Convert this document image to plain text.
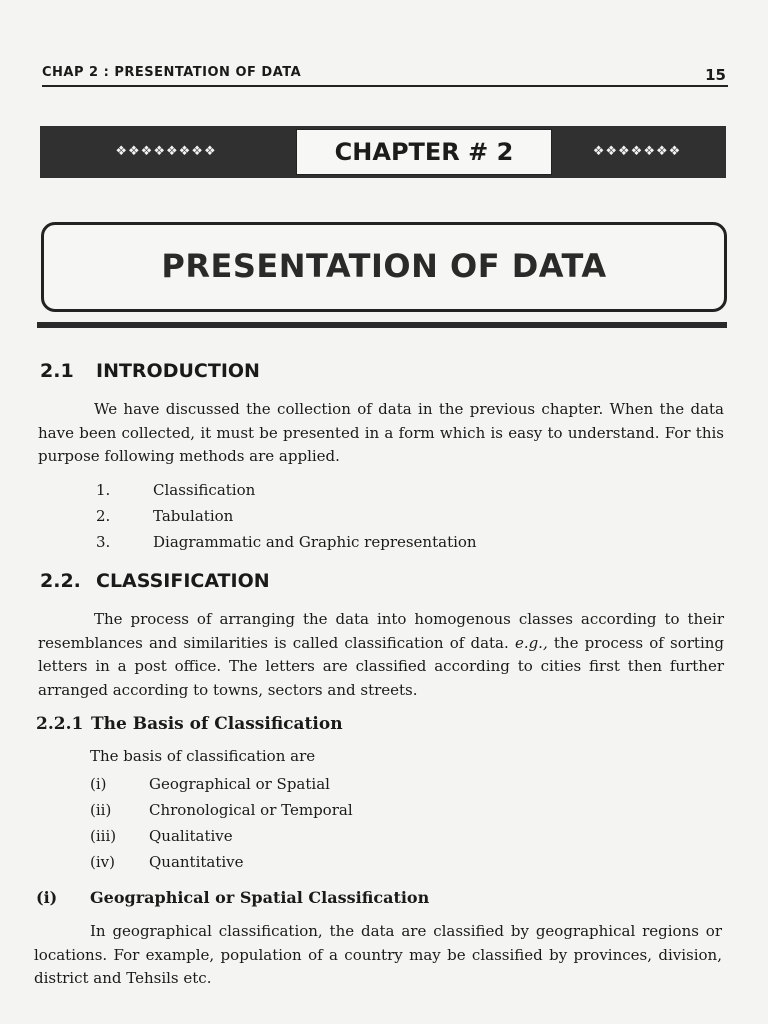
CHAP 2 : PRESENTATION OF DATA	15
❖❖❖❖❖❖❖❖	CHAPTER # 2	❖❖❖❖❖❖❖
PRESENTATION OF DATA
2.1 INTRODUCTION
We have discussed the collection of data in the previous chapter. When the data have been collected, it must be presented in a form which is easy to understand. For this purpose following methods are applied.
1.	Classification
2.	Tabulation
3.	Diagrammatic and Graphic representation
2.2. CLASSIFICATION
The process of arranging the data into homogenous classes according to their resemblances and similarities is called classification of data. e.g., the process of sorting letters in a post office. The letters are classified according to cities first then further arranged according to towns, sectors and streets.
2.2.1 The Basis of Classification
The basis of classification are
(i)	Geographical or Spatial
(ii)	Chronological or Temporal
(iii) Qualitative
(iv) Quantitative
(i) Geographical or Spatial Classification
In geographical classification, the data are classified by geographical regions or locations. For example, population of a country may be classified by provinces, division, district and Tehsils etc.
